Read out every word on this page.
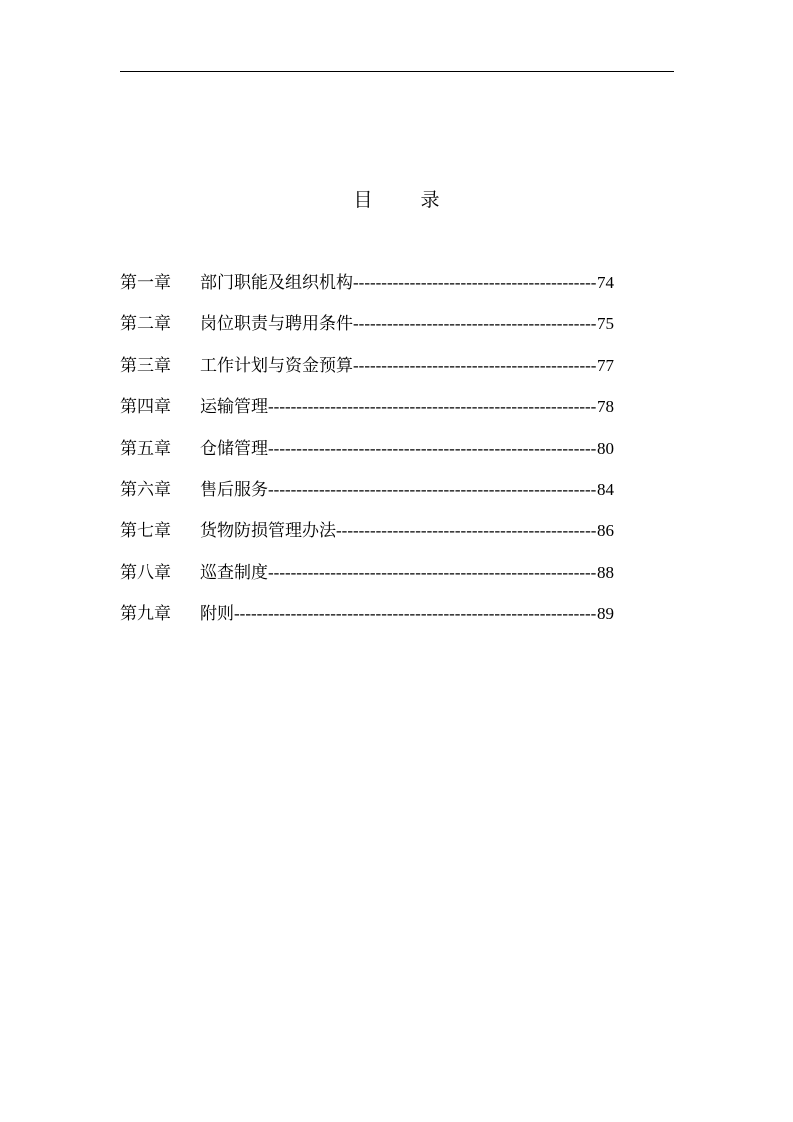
目	录
第一章	部门职能及组织机构 -----	74
第二章	岗位职责与聘用条件 -----	75
第三章	工作计划与资金预算 -----	77
第四章	运输管理 -----	78
第五章	仓储管理 -----	80
第六章	售后服务 -----	84
第七章	货物防损管理办法 -----	86
第八章	巡查制度 -----	88
第九章	附则 -----	89
